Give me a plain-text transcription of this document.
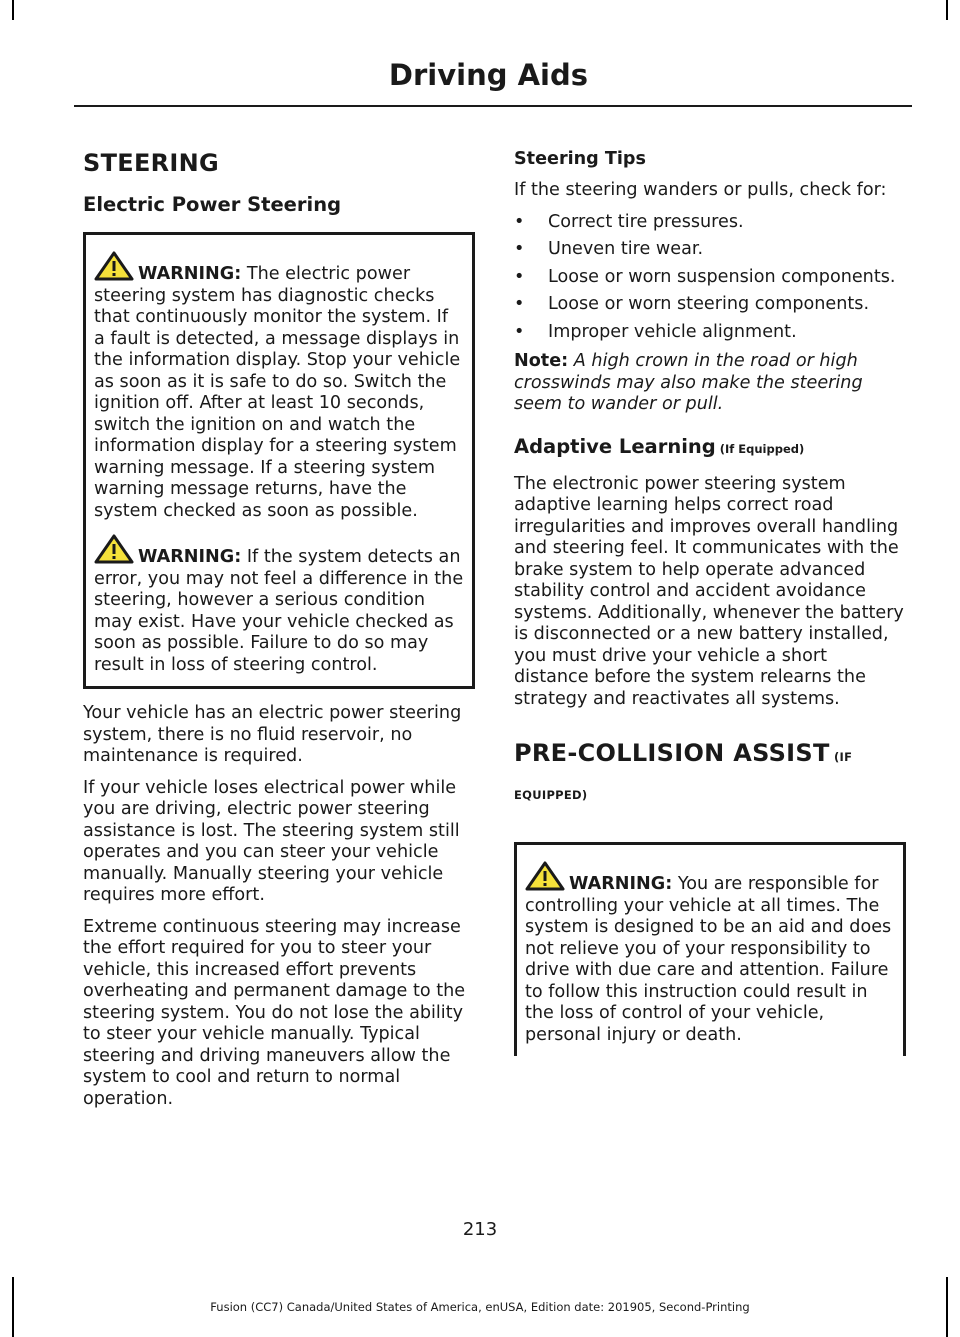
Driving Aids
STEERING
Electric Power Steering

WARNING: The electric power steering system has diagnostic checks that continuously monitor the system. If a fault is detected, a message displays in the information display. Stop your vehicle as soon as it is safe to do so. Switch the ignition off. After at least 10 seconds, switch the ignition on and watch the information display for a steering system warning message. If a steering system warning message returns, have the system checked as soon as possible.

WARNING: If the system detects an error, you may not feel a difference in the steering, however a serious condition may exist. Have your vehicle checked as soon as possible. Failure to do so may result in loss of steering control.

Your vehicle has an electric power steering system, there is no fluid reservoir, no maintenance is required.

If your vehicle loses electrical power while you are driving, electric power steering assistance is lost. The steering system still operates and you can steer your vehicle manually. Manually steering your vehicle requires more effort.

Extreme continuous steering may increase the effort required for you to steer your vehicle, this increased effort prevents overheating and permanent damage to the steering system. You do not lose the ability to steer your vehicle manually. Typical steering and driving maneuvers allow the system to cool and return to normal operation.

Steering Tips

If the steering wanders or pulls, check for:

• Correct tire pressures.
• Uneven tire wear.
• Loose or worn suspension components.
• Loose or worn steering components.
• Improper vehicle alignment.

Note: A high crown in the road or high crosswinds may also make the steering seem to wander or pull.

Adaptive Learning (If Equipped)

The electronic power steering system adaptive learning helps correct road irregularities and improves overall handling and steering feel. It communicates with the brake system to help operate advanced stability control and accident avoidance systems. Additionally, whenever the battery is disconnected or a new battery installed, you must drive your vehicle a short distance before the system relearns the strategy and reactivates all systems.

PRE-COLLISION ASSIST (IF EQUIPPED)

WARNING: You are responsible for controlling your vehicle at all times. The system is designed to be an aid and does not relieve you of your responsibility to drive with due care and attention. Failure to follow this instruction could result in the loss of control of your vehicle, personal injury or death.

213
Fusion (CC7) Canada/United States of America, enUSA, Edition date: 201905, Second-Printing
